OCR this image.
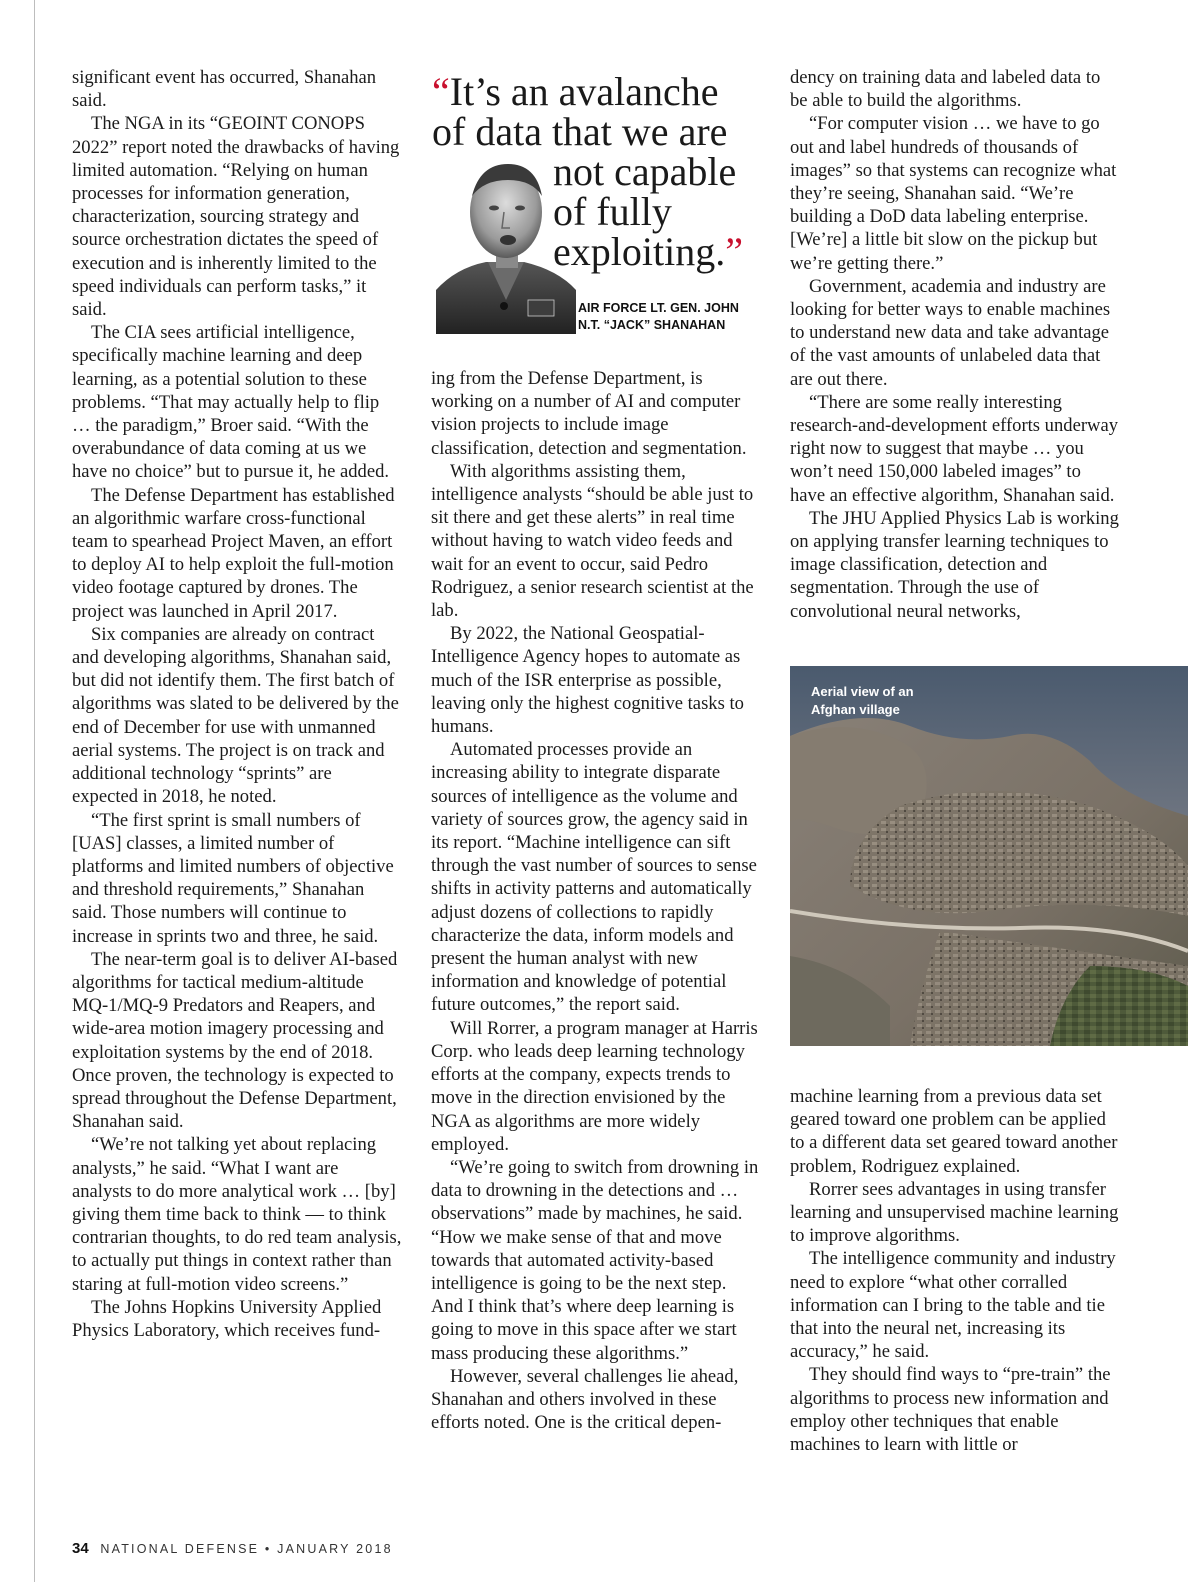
significant event has occurred, Shanahan said.

The NGA in its “GEOINT CONOPS 2022” report noted the drawbacks of having limited automation. “Relying on human processes for information generation, characterization, sourcing strategy and source orchestration dictates the speed of execution and is inherently limited to the speed individuals can perform tasks,” it said.

The CIA sees artificial intelligence, specifically machine learning and deep learning, as a potential solution to these problems. “That may actually help to flip … the paradigm,” Broer said. “With the overabundance of data coming at us we have no choice” but to pursue it, he added.

The Defense Department has established an algorithmic warfare cross-functional team to spearhead Project Maven, an effort to deploy AI to help exploit the full-motion video footage captured by drones. The project was launched in April 2017.

Six companies are already on contract and developing algorithms, Shanahan said, but did not identify them. The first batch of algorithms was slated to be delivered by the end of December for use with unmanned aerial systems. The project is on track and additional technology “sprints” are expected in 2018, he noted.

“The first sprint is small numbers of [UAS] classes, a limited number of platforms and limited numbers of objective and threshold requirements,” Shanahan said. Those numbers will continue to increase in sprints two and three, he said.

The near-term goal is to deliver AI-based algorithms for tactical medium-altitude MQ-1/MQ-9 Predators and Reapers, and wide-area motion imagery processing and exploitation systems by the end of 2018. Once proven, the technology is expected to spread throughout the Defense Department, Shanahan said.

“We’re not talking yet about replacing analysts,” he said. “What I want are analysts to do more analytical work … [by] giving them time back to think — to think contrarian thoughts, to do red team analysis, to actually put things in context rather than staring at full-motion video screens.”

The Johns Hopkins University Applied Physics Laboratory, which receives fund-

“It’s an avalanche
of data that we are
not capable
of fully
exploiting.”
AIR FORCE LT. GEN. JOHN
N.T. “JACK” SHANAHAN

ing from the Defense Department, is working on a number of AI and computer vision projects to include image classification, detection and segmentation.

With algorithms assisting them, intelligence analysts “should be able just to sit there and get these alerts” in real time without having to watch video feeds and wait for an event to occur, said Pedro Rodriguez, a senior research scientist at the lab.

By 2022, the National Geospatial-Intelligence Agency hopes to automate as much of the ISR enterprise as possible, leaving only the highest cognitive tasks to humans.

Automated processes provide an increasing ability to integrate disparate sources of intelligence as the volume and variety of sources grow, the agency said in its report. “Machine intelligence can sift through the vast number of sources to sense shifts in activity patterns and automatically adjust dozens of collections to rapidly characterize the data, inform models and present the human analyst with new information and knowledge of potential future outcomes,” the report said.

Will Rorrer, a program manager at Harris Corp. who leads deep learning technology efforts at the company, expects trends to move in the direction envisioned by the NGA as algorithms are more widely employed.

“We’re going to switch from drowning in data to drowning in the detections and … observations” made by machines, he said. “How we make sense of that and move towards that automated activity-based intelligence is going to be the next step. And I think that’s where deep learning is going to move in this space after we start mass producing these algorithms.”

However, several challenges lie ahead, Shanahan and others involved in these efforts noted. One is the critical depen-

dency on training data and labeled data to be able to build the algorithms.

“For computer vision … we have to go out and label hundreds of thousands of images” so that systems can recognize what they’re seeing, Shanahan said. “We’re building a DoD data labeling enterprise. [We’re] a little bit slow on the pickup but we’re getting there.”

Government, academia and industry are looking for better ways to enable machines to understand new data and take advantage of the vast amounts of unlabeled data that are out there.

“There are some really interesting research-and-development efforts underway right now to suggest that maybe … you won’t need 150,000 labeled images” to have an effective algorithm, Shanahan said.

The JHU Applied Physics Lab is working on applying transfer learning techniques to image classification, detection and segmentation. Through the use of convolutional neural networks,

Aerial view of an
Afghan village

machine learning from a previous data set geared toward one problem can be applied to a different data set geared toward another problem, Rodriguez explained.

Rorrer sees advantages in using transfer learning and unsupervised machine learning to improve algorithms.

The intelligence community and industry need to explore “what other corralled information can I bring to the table and tie that into the neural net, increasing its accuracy,” he said.

They should find ways to “pre-train” the algorithms to process new information and employ other techniques that enable machines to learn with little or

34 NATIONAL DEFENSE • JANUARY 2018
